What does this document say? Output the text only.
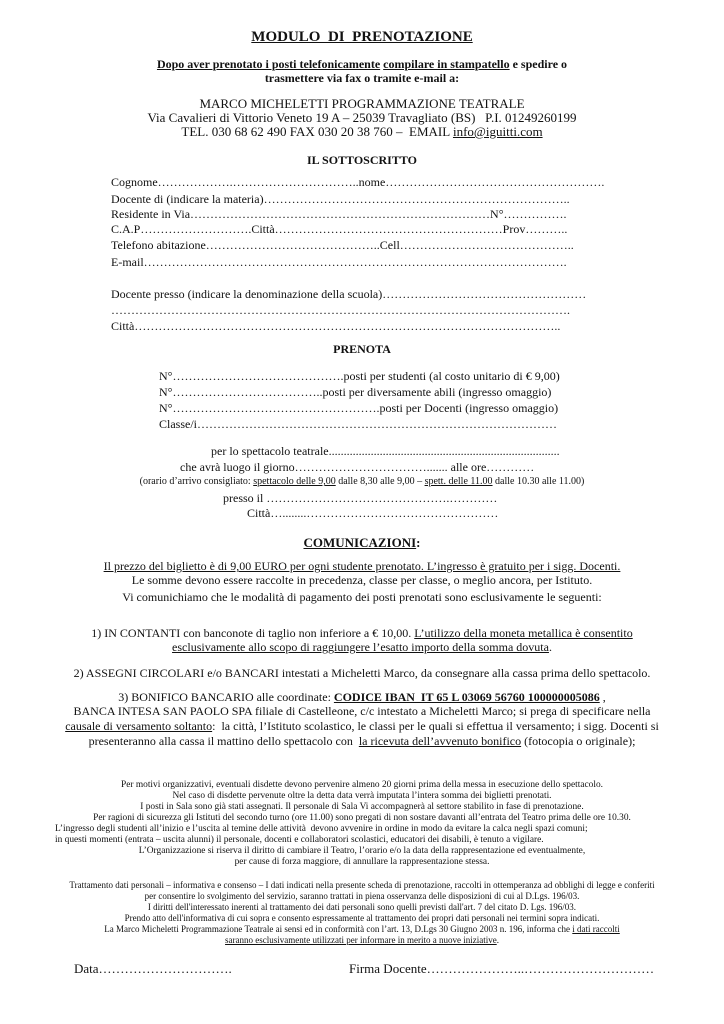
MODULO  DI  PRENOTAZIONE
Dopo aver prenotato i posti telefonicamente compilare in stampatello e spedire o
trasmettere via fax o tramite e-mail a:
MARCO MICHELETTI PROGRAMMAZIONE TEATRALE
Via Cavalieri di Vittorio Veneto 19 A – 25039 Travagliato (BS)   P.I. 01249260199
TEL. 030 68 62 490 FAX 030 20 38 760 –  EMAIL info@iguitti.com
IL SOTTOSCRITTO
Cognome……………….…………………………..nome……………………………………………….
Docente di (indicare la materia)…………………………………………………………………..
Residente in Via…………………………………………………………………N°…………….
C.A.P……………………….Città…………………………………………………Prov………..
Telefono abitazione……………………………………..Cell……………………………………..
E-mail…………………………………………………………………………………………….
Docente presso (indicare la denominazione della scuola)……………………………………………
…………………………………………………………………………………………………….
Città……………………………………………………………………………………………..
PRENOTA
N°…………………………………….posti per studenti (al costo unitario di € 9,00)
N°………………………………..posti per diversamente abili (ingresso omaggio)
N°…………………………………………….posti per Docenti (ingresso omaggio)
Classe/i………………………………………………………………………………
per lo spettacolo teatrale.............................................................................
che avrà luogo il giorno……………………………....... alle ore…………
(orario d’arrivo consigliato: spettacolo delle 9,00 dalle 8,30 alle 9,00 – spett. delle 11.00 dalle 10.30 alle 11.00)
presso il ……………………………………….…………
Città…........…………………………………………
COMUNICAZIONI:
Il prezzo del biglietto è di 9,00 EURO per ogni studente prenotato. L’ingresso è gratuito per i sigg. Docenti.
Le somme devono essere raccolte in precedenza, classe per classe, o meglio ancora, per Istituto.
Vi comunichiamo che le modalità di pagamento dei posti prenotati sono esclusivamente le seguenti:
1) IN CONTANTI con banconote di taglio non inferiore a € 10,00. L’utilizzo della moneta metallica è consentito
esclusivamente allo scopo di raggiungere l’esatto importo della somma dovuta.
2) ASSEGNI CIRCOLARI e/o BANCARI intestati a Micheletti Marco, da consegnare alla cassa prima dello spettacolo.
3) BONIFICO BANCARIO alle coordinate: CODICE IBAN  IT 65 L 03069 56760 100000005086 ,
BANCA INTESA SAN PAOLO SPA filiale di Castelleone, c/c intestato a Micheletti Marco; si prega di specificare nella
causale di versamento soltanto:  la città, l’Istituto scolastico, le classi per le quali si effettua il versamento; i sigg. Docenti si
presenteranno alla cassa il mattino dello spettacolo con  la ricevuta dell’avvenuto bonifico (fotocopia o originale);
Per motivi organizzativi, eventuali disdette devono pervenire almeno 20 giorni prima della messa in esecuzione dello spettacolo.
Nel caso di disdette pervenute oltre la detta data verrà imputata l’intera somma dei biglietti prenotati.
I posti in Sala sono già stati assegnati. Il personale di Sala Vi accompagnerà al settore stabilito in fase di prenotazione.
Per ragioni di sicurezza gli Istituti del secondo turno (ore 11.00) sono pregati di non sostare davanti all’entrata del Teatro prima delle ore 10.30.
L’ingresso degli studenti all’inizio e l’uscita al temine delle attività  devono avvenire in ordine in modo da evitare la calca negli spazi comuni;
in questi momenti (entrata – uscita alunni) il personale, docenti e collaboratori scolastici, educatori dei disabili, è tenuto a vigilare.
L’Organizzazione si riserva il diritto di cambiare il Teatro, l’orario e/o la data della rappresentazione ed eventualmente,
per cause di forza maggiore, di annullare la rappresentazione stessa.
Trattamento dati personali – informativa e consenso – I dati indicati nella presente scheda di prenotazione, raccolti in ottemperanza ad obblighi di legge e conferiti
per consentire lo svolgimento del servizio, saranno trattati in piena osservanza delle disposizioni di cui al D.Lgs. 196/03.
I diritti dell'interessato inerenti al trattamento dei dati personali sono quelli previsti dall'art. 7 del citato D. Lgs. 196/03.
Prendo atto dell'informativa di cui sopra e consento espressamente al trattamento dei propri dati personali nei termini sopra indicati.
La Marco Micheletti Programmazione Teatrale ai sensi ed in conformità con l’art. 13, D.Lgs 30 Giugno 2003 n. 196, informa che i dati raccolti
saranno esclusivamente utilizzati per informare in merito a nuove iniziative.
Data………………………….	Firma Docente…………………..…………………………
